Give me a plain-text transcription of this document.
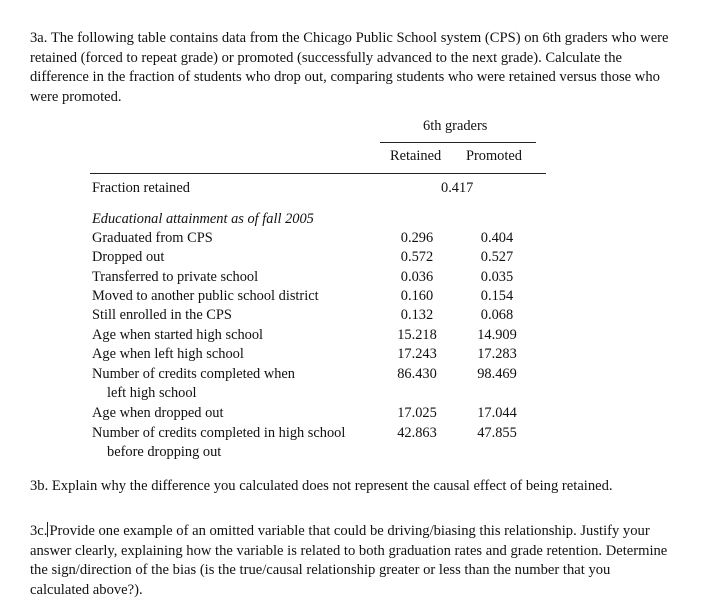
3a. The following table contains data from the Chicago Public School system (CPS) on 6th graders who were retained (forced to repeat grade) or promoted (successfully advanced to the next grade). Calculate the difference in the fraction of students who drop out, comparing students who were retained versus those who were promoted.

6th graders
Retained Promoted
Fraction retained	0.417
Educational attainment as of fall 2005
Graduated from CPS	0.296	0.404
Dropped out	0.572	0.527
Transferred to private school	0.036	0.035
Moved to another public school district	0.160	0.154
Still enrolled in the CPS	0.132	0.068
Age when started high school	15.218	14.909
Age when left high school	17.243	17.283
Number of credits completed when
left high school
86.430	98.469
Age when dropped out	17.025	17.044
Number of credits completed in high school
before dropping out
42.863	47.855

3b. Explain why the difference you calculated does not represent the causal effect of being retained.

3c. Provide one example of an omitted variable that could be driving/biasing this relationship. Justify your answer clearly, explaining how the variable is related to both graduation rates and grade retention. Determine the sign/direction of the bias (is the true/causal relationship greater or less than the number that you calculated above?).
